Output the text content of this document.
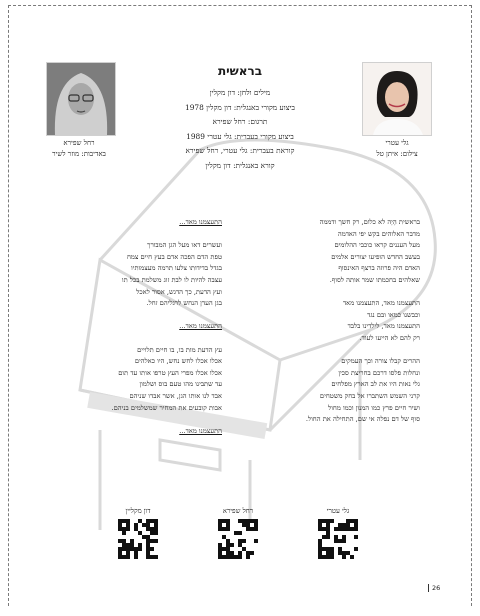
גלי עטרי
צילום: איתן טל
רחל שפירא
באדיבות: מוזר לשיר
בראשית
מילים ולחן: דון מקלין
ביצוע מקורי באנגלית: דון מקלין 1978
תרגום: רחל שפירא
ביצוע מקורי בעברית: גלי עטרי 1989
קוראת בעברית: גלי עטרי, רחל שפירא
קורא באנגלית: דון מקלין

בראשית הָיָה לא כלום, רק חשך ודממה

מדבר האלוהים בקש יפי האדמה

מעל העננים קראו כוכבי ההלומים

בעשב החדש הופיעו יצורים אלמים

האדם היה פרוזה ברצף האינסוף

שאלהים בחכמתו שמר אותה לסוף.

התעצמנו מאד, התעצמנו מאד

וכבשנו כמאו ובם נגד

התעצמנו מאד, לילדינו בלבד

רק להם לא הייעו לעוד.

ההרים קבלו צורה וכך העמקים

ונחלות פלסו דרכם בחריצת סכין

גלי נאות היו את לב הארץ מפלחים

קרני השמש השתברו אל בחק משטחים

ושיר חיים פרץ כמו המנון וכמו מחול

סוף של דם נפלה אי שם, התחילה את החול.

התעצמנו מאד...

ועשרים דאו מעל הגן המבורך

טפת הדם הפכה אדם בעץ חיים צמח

בגדל בדידותו צלעו תרמה מעצמותיו

עצבה להיות לו לבת זוג משלמת בכל תו

ועץ הדעת, כך הדגש, אסור לאכל

בגן העדן הנחש לרגליהם זחל.

התעצמנו מאד...

עץ הדעת מות בו, בו חיים תלויים

אכלו אכלו לחש נחש, היו כאלהים

אכלו אכלו מפרי העץ טרפו אותו עד תום

עד שתבינו מהו טעם בוס ושלמון

אבד לנו אותו הגן, אשר אבדו שניהם

אבות קובעים את המחיר שמשלמים בניהם.

התעצמנו מאד...

גלי עטרי
רחל שפירא
דון מקליין
26
